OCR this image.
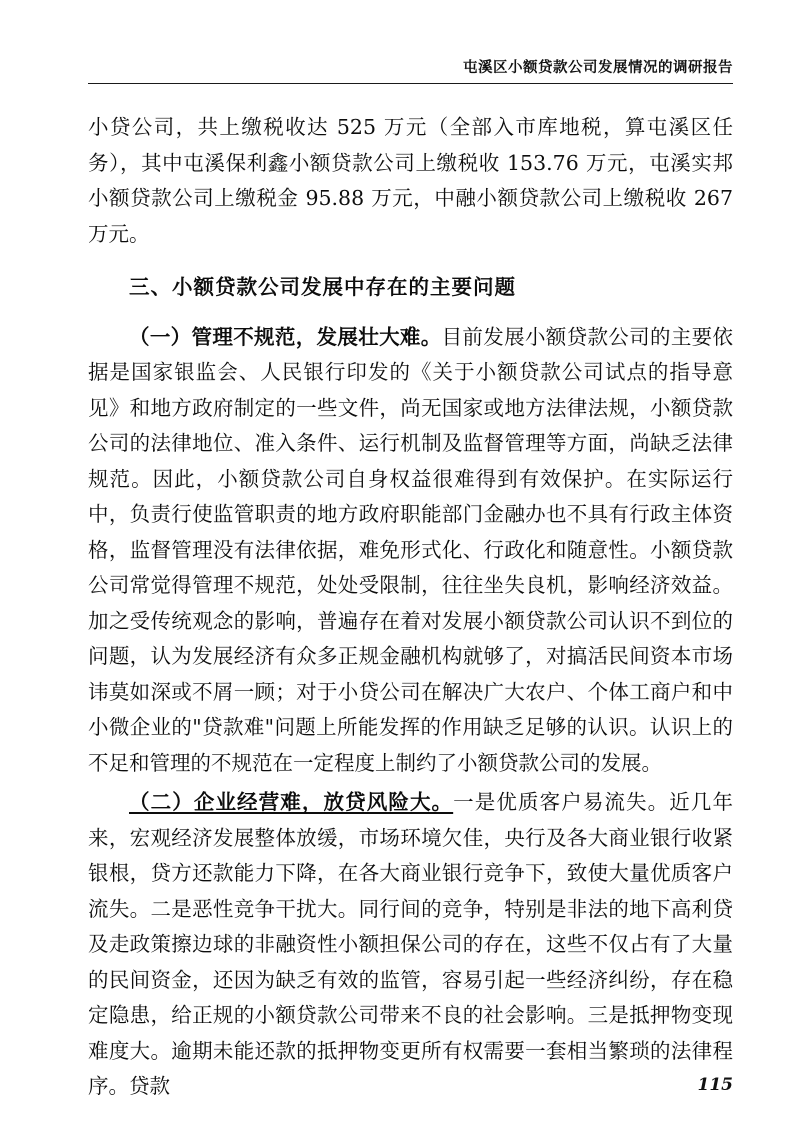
屯溪区小额贷款公司发展情况的调研报告

小贷公司，共上缴税收达 525 万元（全部入市库地税，算屯溪区任务），其中屯溪保利鑫小额贷款公司上缴税收 153.76 万元，屯溪实邦小额贷款公司上缴税金 95.88 万元，中融小额贷款公司上缴税收 267 万元。

三、小额贷款公司发展中存在的主要问题

（一）管理不规范，发展壮大难。目前发展小额贷款公司的主要依据是国家银监会、人民银行印发的《关于小额贷款公司试点的指导意见》和地方政府制定的一些文件，尚无国家或地方法律法规，小额贷款公司的法律地位、准入条件、运行机制及监督管理等方面，尚缺乏法律规范。因此，小额贷款公司自身权益很难得到有效保护。在实际运行中，负责行使监管职责的地方政府职能部门金融办也不具有行政主体资格，监督管理没有法律依据，难免形式化、行政化和随意性。小额贷款公司常觉得管理不规范，处处受限制，往往坐失良机，影响经济效益。加之受传统观念的影响，普遍存在着对发展小额贷款公司认识不到位的问题，认为发展经济有众多正规金融机构就够了，对搞活民间资本市场讳莫如深或不屑一顾；对于小贷公司在解决广大农户、个体工商户和中小微企业的"贷款难"问题上所能发挥的作用缺乏足够的认识。认识上的不足和管理的不规范在一定程度上制约了小额贷款公司的发展。

（二）企业经营难，放贷风险大。一是优质客户易流失。近几年来，宏观经济发展整体放缓，市场环境欠佳，央行及各大商业银行收紧银根，贷方还款能力下降，在各大商业银行竞争下，致使大量优质客户流失。二是恶性竞争干扰大。同行间的竞争，特别是非法的地下高利贷及走政策擦边球的非融资性小额担保公司的存在，这些不仅占有了大量的民间资金，还因为缺乏有效的监管，容易引起一些经济纠纷，存在稳定隐患，给正规的小额贷款公司带来不良的社会影响。三是抵押物变现难度大。逾期未能还款的抵押物变更所有权需要一套相当繁琐的法律程序。贷款	115
